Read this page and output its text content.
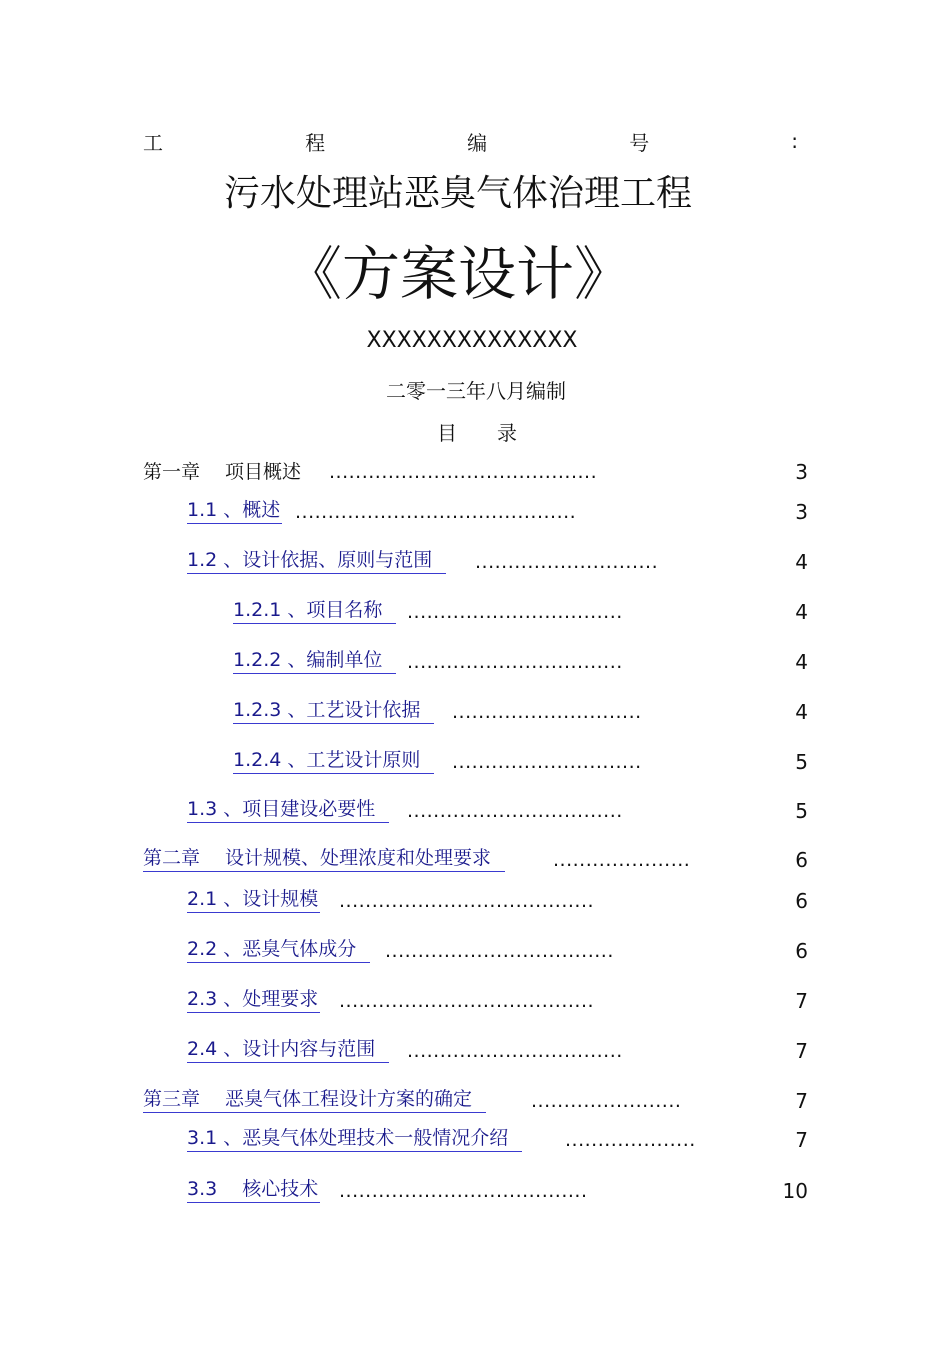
工	程	编	号	:
污水处理站恶臭气体治理工程
《方案设计》
XXXXXXXXXXXXXX
二零一三年八月编制
目 录
第一章　 项目概述 .........................................	3
1.1 、概述 ...........................................	3
1.2 、设计依据、原则与范围	............................	4
1.2.1 、项目名称	.................................	4
1.2.2 、编制单位	.................................	4
1.2.3 、工艺设计依据	.............................	4
1.2.4 、工艺设计原则	.............................	5
1.3 、项目建设必要性	.................................	5
第二章　 设计规模、处理浓度和处理要求	.....................	6
2.1 、设计规模 .......................................	6
2.2 、恶臭气体成分	...................................	6
2.3 、处理要求 .......................................	7
2.4 、设计内容与范围	.................................	7
第三章　 恶臭气体工程设计方案的确定	.......................	7
3.1 、恶臭气体处理技术一般情况介绍	....................	7
3.3 　核心技术 ......................................	10
